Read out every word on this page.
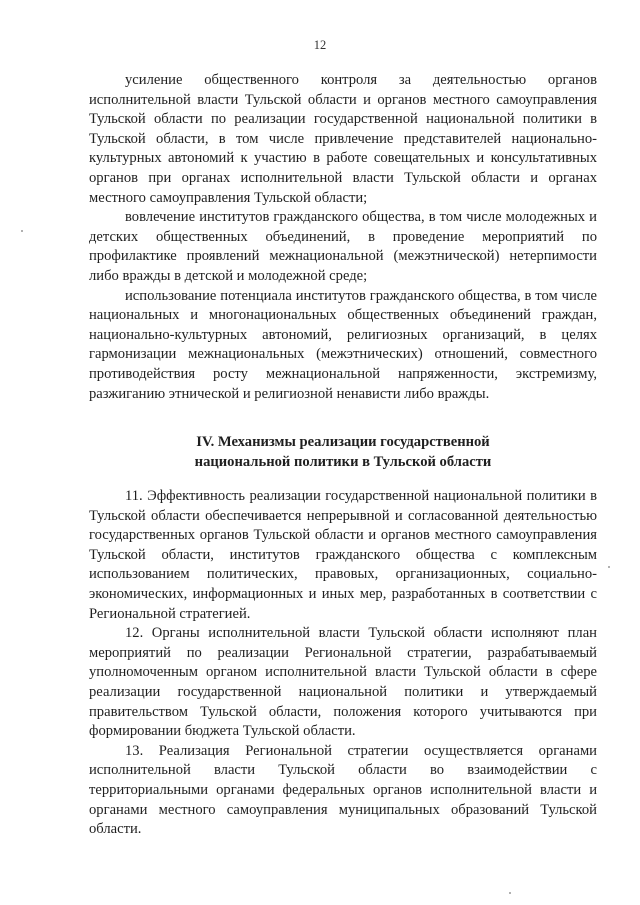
12

усиление общественного контроля за деятельностью органов исполнительной власти Тульской области и органов местного самоуправления Тульской области по реализации государственной национальной политики в Тульской области, в том числе привлечение представителей национально-культурных автономий к участию в работе совещательных и консультативных органов при органах исполнительной власти Тульской области и органах местного самоуправления Тульской области;

вовлечение институтов гражданского общества, в том числе молодежных и детских общественных объединений, в проведение мероприятий по профилактике проявлений межнациональной (межэтнической) нетерпимости либо вражды в детской и молодежной среде;

использование потенциала институтов гражданского общества, в том числе национальных и многонациональных общественных объединений граждан, национально-культурных автономий, религиозных организаций, в целях гармонизации межнациональных (межэтнических) отношений, совместного противодействия росту межнациональной напряженности, экстремизму, разжиганию этнической и религиозной ненависти либо вражды.

IV. Механизмы реализации государственной
национальной политики в Тульской области

11. Эффективность реализации государственной национальной политики в Тульской области обеспечивается непрерывной и согласованной деятельностью государственных органов Тульской области и органов местного самоуправления Тульской области, институтов гражданского общества с комплексным использованием политических, правовых, организационных, социально-экономических, информационных и иных мер, разработанных в соответствии с Региональной стратегией.

12. Органы исполнительной власти Тульской области исполняют план мероприятий по реализации Региональной стратегии, разрабатываемый уполномоченным органом исполнительной власти Тульской области в сфере реализации государственной национальной политики и утверждаемый правительством Тульской области, положения которого учитываются при формировании бюджета Тульской области.

13. Реализация Региональной стратегии осуществляется органами исполнительной власти Тульской области во взаимодействии с территориальными органами федеральных органов исполнительной власти и органами местного самоуправления муниципальных образований Тульской области.
